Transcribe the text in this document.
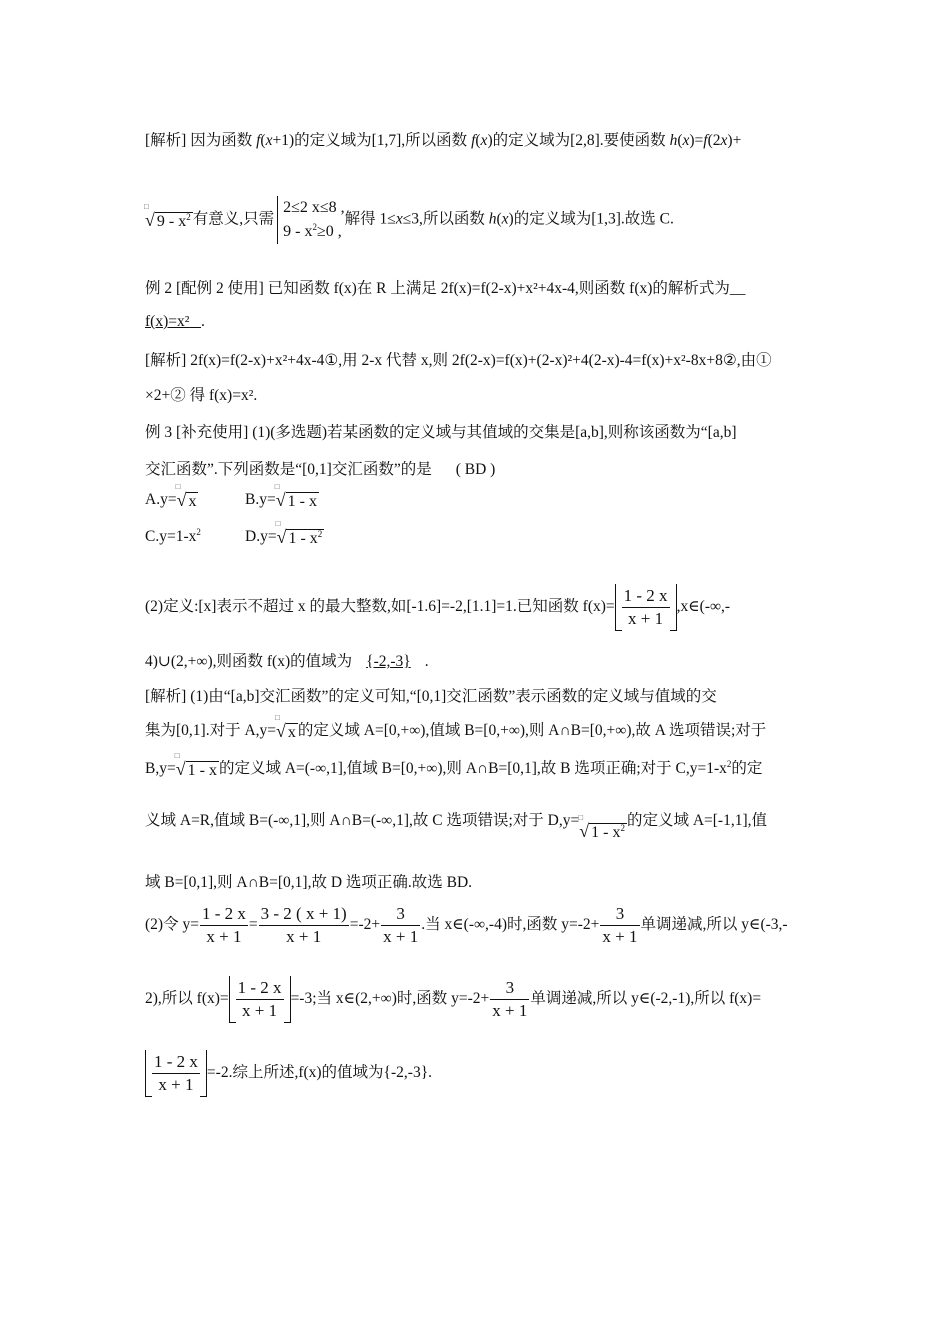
[解析] 因为函数 f(x+1)的定义域为[1,7],所以函数 f(x)的定义域为[2,8].要使函数 h(x)=f(2x)+
□
√ $9 - x^2$ 有意义,只需
2≤2 x≤8 ,
$9 - x^2\ge 0$ ,
解得 1≤x≤3,所以函数 h(x)的定义域为[1,3].故选 C.
例 2 [配例 2 使用] 已知函数 f(x)在 R 上满足 2f(x)=f(2-x)+x²+4x-4,则函数 f(x)的解析式为__
f(x)=x² .
[解析] 2f(x)=f(2-x)+x²+4x-4①,用 2-x 代替 x,则 2f(2-x)=f(x)+(2-x)²+4(2-x)-4=f(x)+x²-8x+8②,由①
×2+② 得 f(x)=x².
例 3 [补充使用] (1)(多选题)若某函数的定义域与其值域的交集是[a,b],则称该函数为“[a,b]
交汇函数”.下列函数是“[0,1]交汇函数”的是 ( BD )
A.y=
□
√ x	B.y=
□
√ 1 - x
$C.y=1-x^2$	D.y=
□
√ $1 - x^2$
(2)定义:[x]表示不超过 x 的最大整数,如[-1.6]=-2,[1.1]=1.已知函数 $f(x)= \frac{1 - 2 x}{x + 1}$ ,x∈(-∞,-
4)∪(2,+∞),则函数 f(x)的值域为 {-2,-3} .
[解析] (1)由“[a,b]交汇函数”的定义可知,“[0,1]交汇函数”表示函数的定义域与值域的交
集为[0,1].对于 A,y=
□
√ x 的定义域 A=[0,+∞),值域 B=[0,+∞),则 A∩B=[0,+∞),故 A 选项错误;对于
B,y=
□
√ 1 - x 的定义域 A=(-∞,1],值域 B=[0,+∞),则 A∩B=[0,1],故 B 选项正确;对于 $C,y=1-x^2$的定
义域 A=R,值域 B=(-∞,1],则 A∩B=(-∞,1],故 C 选项错误;对于 D,y= □
√ $1 - x^2$ 的定义域 A=[-1,1],值
域 B=[0,1],则 A∩B=[0,1],故 D 选项正确.故选 BD.
(2)令 $y= \frac{1 - 2 x}{x + 1} = \frac{3 - 2 ( x + 1)}{x + 1} =-2+ \frac{3}{x + 1}$ .当 x∈(-∞,-4)时,函数 $y=-2+ \frac{3}{x + 1}$ 单调递减,所以 y∈(-3,-
2),所以 $f(x)= \frac{1 - 2 x}{x + 1} =-3$;当 x∈(2,+∞)时,函数 $y=-2+ \frac{3}{x + 1}$ 单调递减,所以 y∈(-2,-1),所以 f(x)=
$\frac{1 - 2 x}{x + 1} =-2$.综上所述,f(x)的值域为{-2,-3}.
